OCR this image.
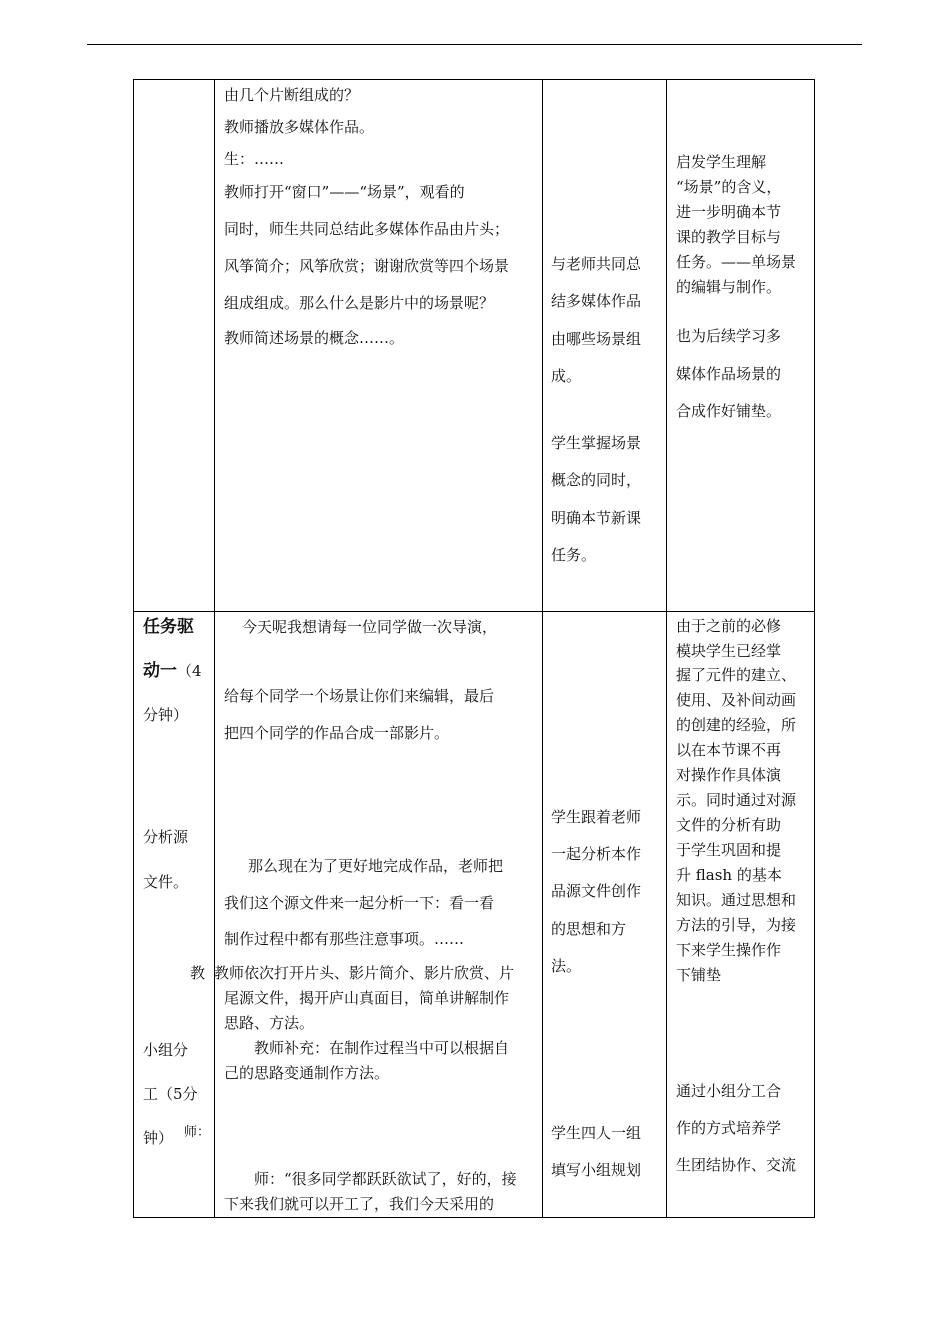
由几个片断组成的？
教师播放多媒体作品。
生：……
教师打开“窗口”——“场景”，观看的
同时，师生共同总结此多媒体作品由片头；
风筝简介；风筝欣赏；谢谢欣赏等四个场景
组成组成。那么什么是影片中的场景呢？
教师简述场景的概念……。
与老师共同总
结多媒体作品
由哪些场景组
成。
学生掌握场景
概念的同时，
明确本节新课
任务。
启发学生理解
“场景”的含义，
进一步明确本节
课的教学目标与
任务。——单场景
的编辑与制作。
也为后续学习多
媒体作品场景的
合成作好铺垫。
任务驱
动一 （4
分钟）
分析源
文件。
教
小组分
工（5分
钟） 师：
今天呢我想请每一位同学做一次导演，
给每个同学一个场景让你们来编辑，最后
把四个同学的作品合成一部影片。
那么现在为了更好地完成作品，老师把
我们这个源文件来一起分析一下：看一看
制作过程中都有那些注意事项。……
教师依次打开片头、影片简介、影片欣赏、片
尾源文件，揭开庐山真面目，简单讲解制作
思路、方法。
教师补充：在制作过程当中可以根据自
己的思路变通制作方法。
师：“很多同学都跃跃欲试了，好的，接
下来我们就可以开工了，我们今天采用的
学生跟着老师
一起分析本作
品源文件创作
的思想和方
法。
学生四人一组
填写小组规划
由于之前的必修
模块学生已经掌
握了元件的建立、
使用、及补间动画
的创建的经验，所
以在本节课不再
对操作作具体演
示。同时通过对源
文件的分析有助
于学生巩固和提
升 flash 的基本
知识。通过思想和
方法的引导，为接
下来学生操作作
下铺垫
通过小组分工合
作的方式培养学
生团结协作、交流
